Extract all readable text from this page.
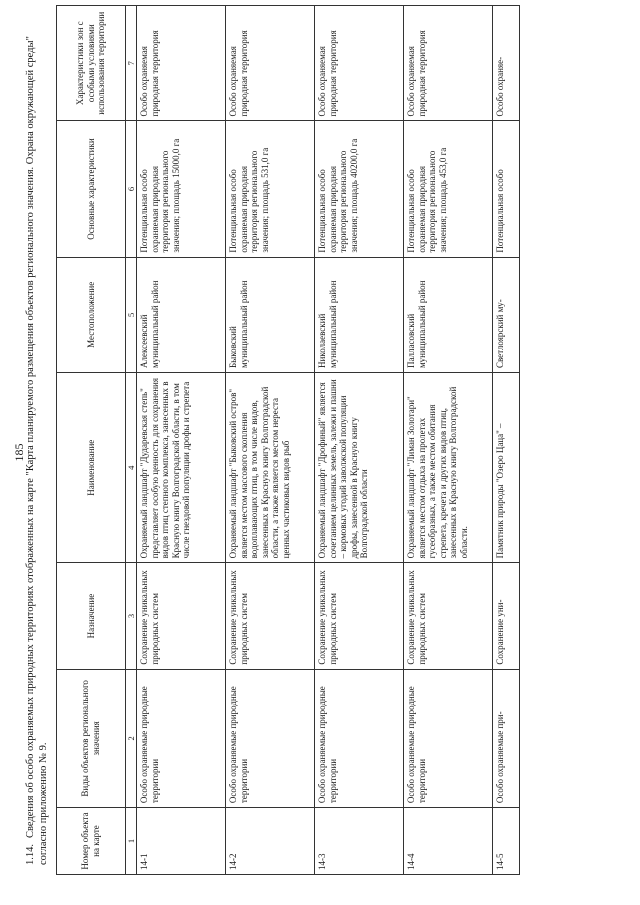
185
1.14.Сведения об особо охраняемых природных территориях отображенных на карте "Карта планируемого размещения объектов регионального значения. Охрана окружающей среды" согласно приложению № 9.	Номер объекта на карте	Виды объектов регионального значения	Назначение	Наименование	Местоположение	Основные характеристики	Характеристики зон с особыми условиями использования территории
1	2	3	4	5	6	7
14-1	Особо охраняемые природные территории	Сохранение уникальных природных систем	Охраняемый ландшафт "Дударевская степь" представляет особую ценность для сохранения видов птиц степного комплекса, занесенных в Красную книгу Волгоградской области, в том числе гнездовой популяции дрофы и стрепета	Алексеевский муниципальный район	Потенциальная особо охраняемая природная территория регионального значения; площадь 15000,0 га	Особо охраняемая природная территория
14-2	Особо охраняемые природные территории	Сохранение уникальных природных систем	Охраняемый ландшафт "Быковский остров" является местом массового скопления водоплавающих птиц, в том числе видов, занесенных в Красную книгу Волгоградской области, а также является местом нереста ценных частиковых видов рыб	Быковский муниципальный район	Потенциальная особо охраняемая природная территория регионального значения; площадь 531,0 га	Особо охраняемая природная территория
14-3	Особо охраняемые природные территории	Сохранение уникальных природных систем	Охраняемый ландшафт "Дрофиный" является сочетанием целинных земель, залежи и пашни – кормовых угодий заволжской популяции дрофы, занесенной в Красную книгу Волгоградской области	Николаевский муниципальный район	Потенциальная особо охраняемая природная территория регионального значения; площадь 40200,0 га	Особо охраняемая природная территория
14-4	Особо охраняемые природные территории	Сохранение уникальных природных систем	Охраняемый ландшафт "Лиман Золотари" является местом отдыха на пролетах гусеобразных, а также местом обитания стрепета, кречета и других видов птиц, занесенных в Красную книгу Волгоградской области.	Палласовский муниципальный район	Потенциальная особо охраняемая природная территория регионального значения; площадь 453,0 га	Особо охраняемая природная территория
14-5	Особо охраняемые при-	Сохранение уни-	Памятник природы "Озеро Цаца" –	Светлоярский му-	Потенциальная особо	Особо охраняе-
